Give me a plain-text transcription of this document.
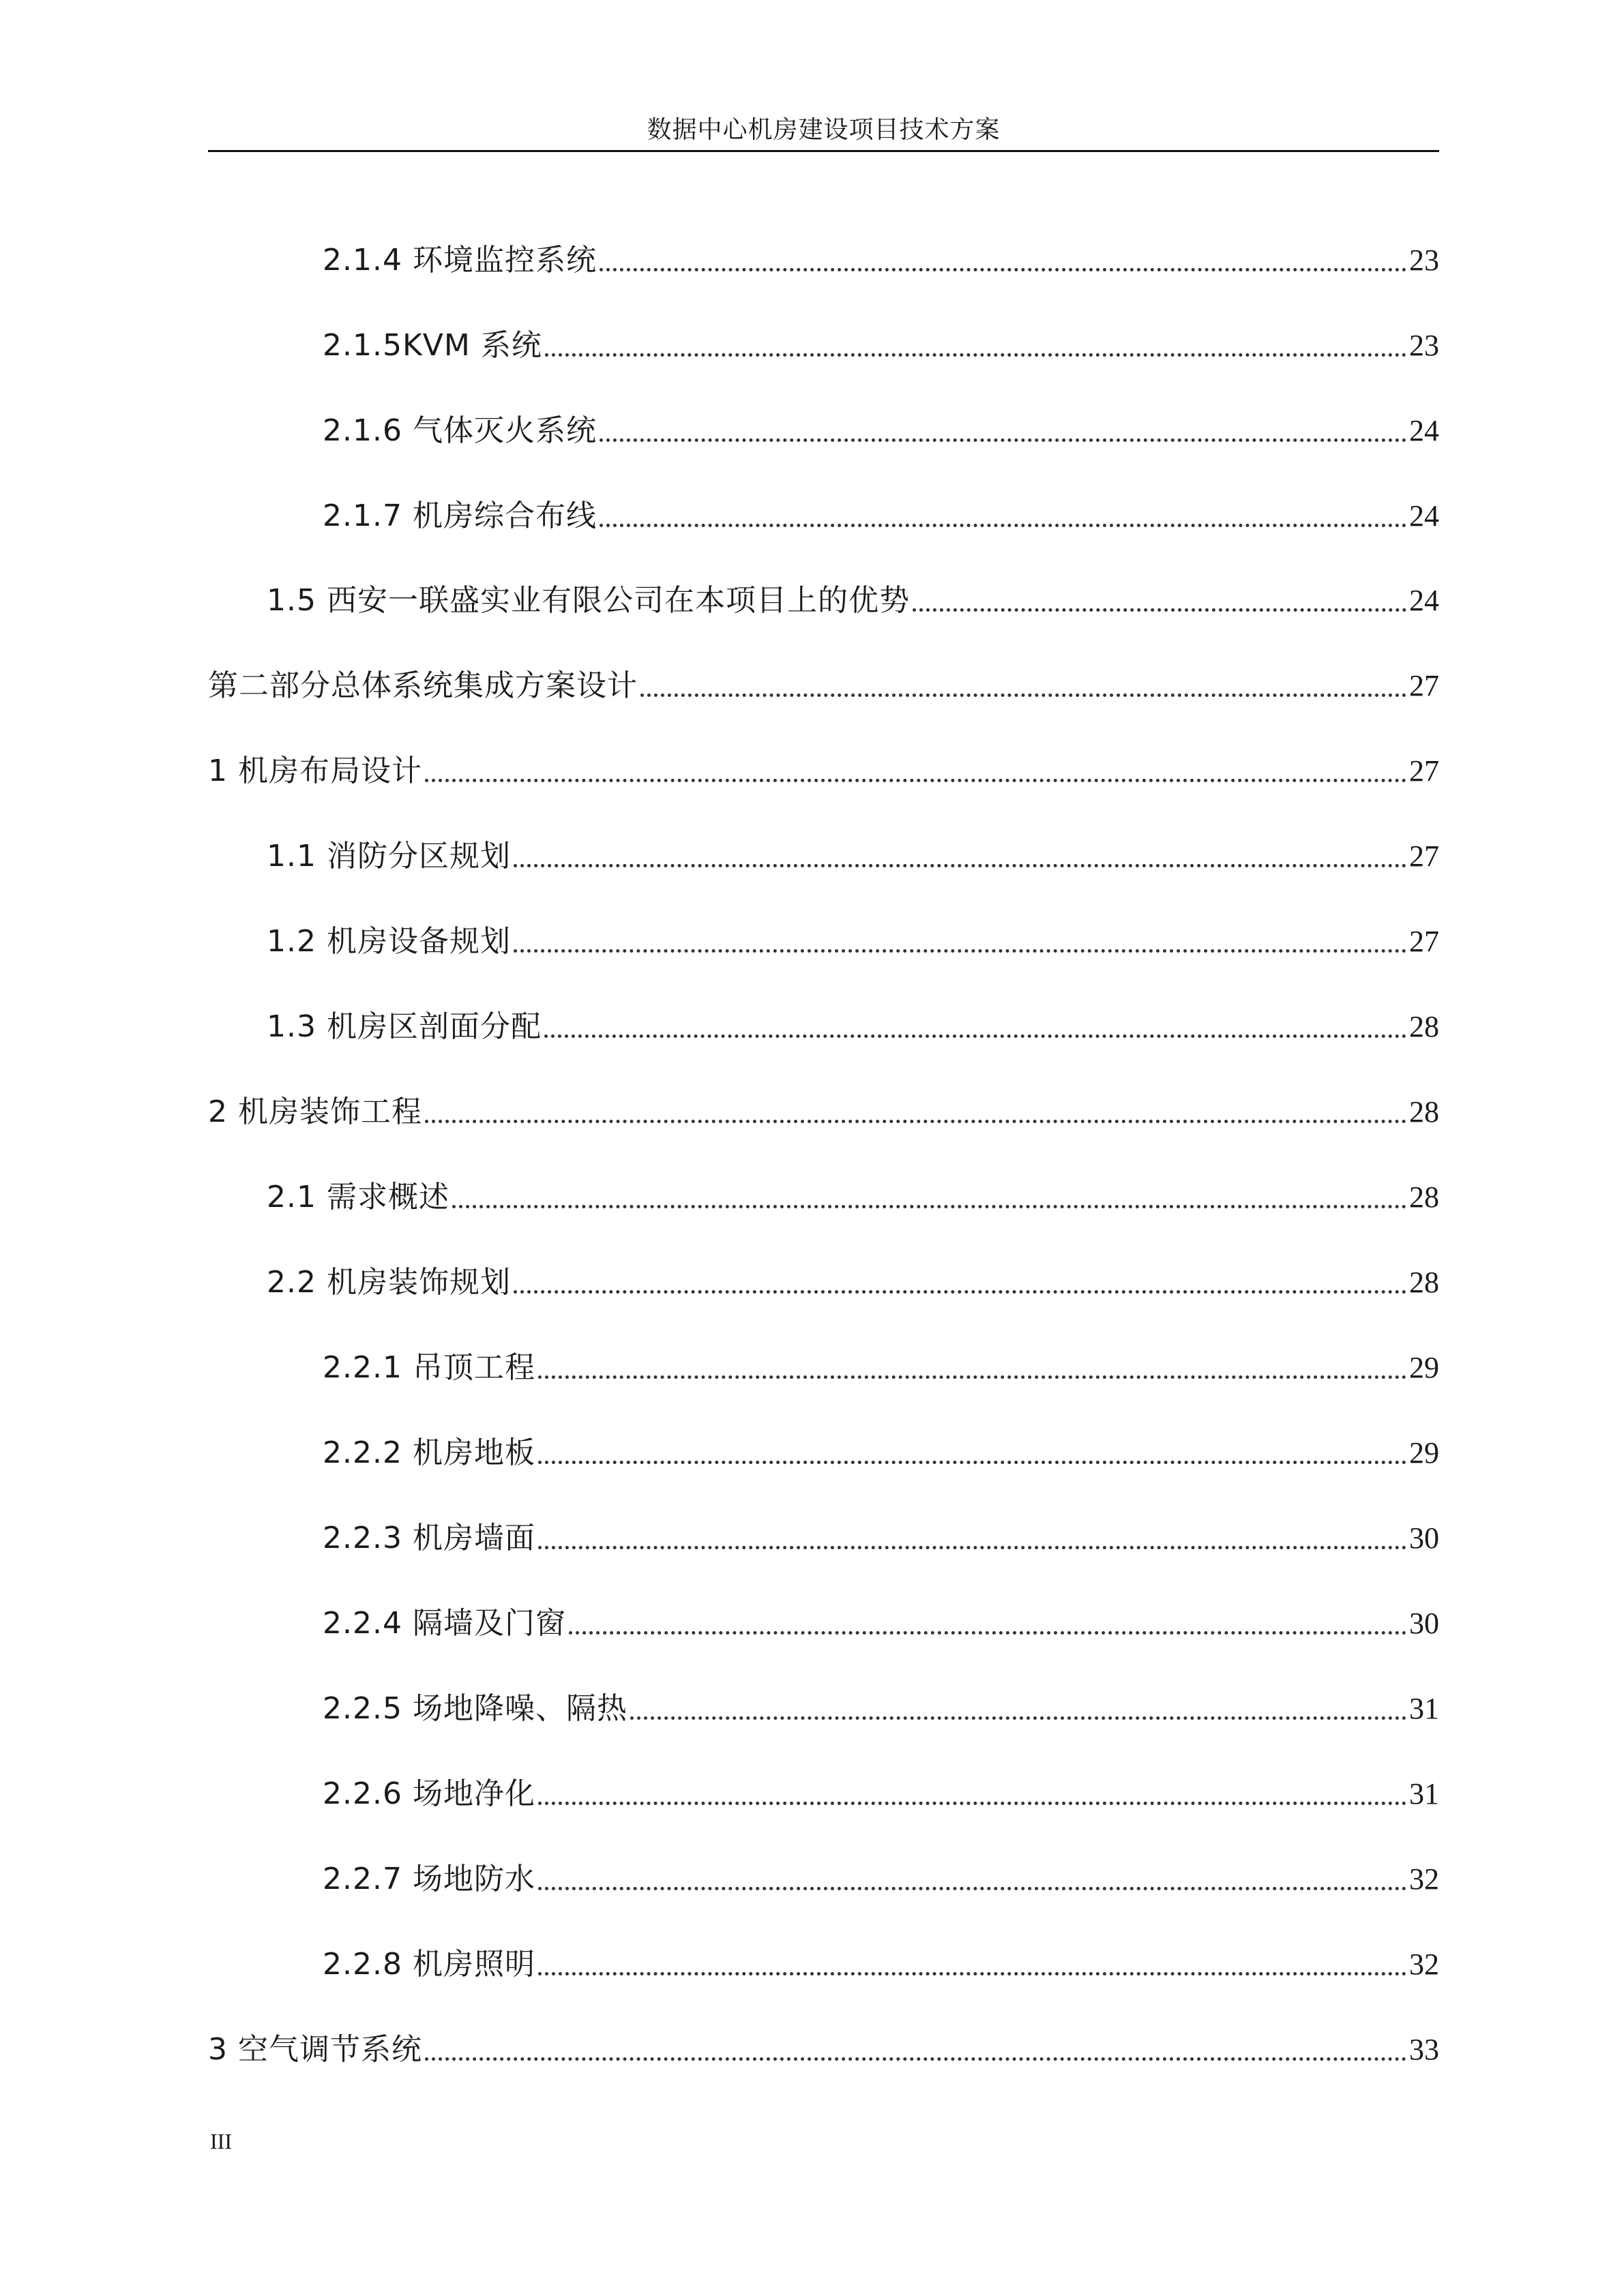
数据中心机房建设项目技术方案
2.1.4 环境监控系统	23
2.1.5KVM 系统	23
2.1.6 气体灭火系统	24
2.1.7 机房综合布线	24
1.5 西安一联盛实业有限公司在本项目上的优势	24
第二部分总体系统集成方案设计	27
1 机房布局设计	27
1.1 消防分区规划	27
1.2 机房设备规划	27
1.3 机房区剖面分配	28
2 机房装饰工程	28
2.1 需求概述	28
2.2 机房装饰规划	28
2.2.1 吊顶工程	29
2.2.2 机房地板	29
2.2.3 机房墙面	30
2.2.4 隔墙及门窗	30
2.2.5 场地降噪、隔热	31
2.2.6 场地净化	31
2.2.7 场地防水	32
2.2.8 机房照明	32
3 空气调节系统	33
III
